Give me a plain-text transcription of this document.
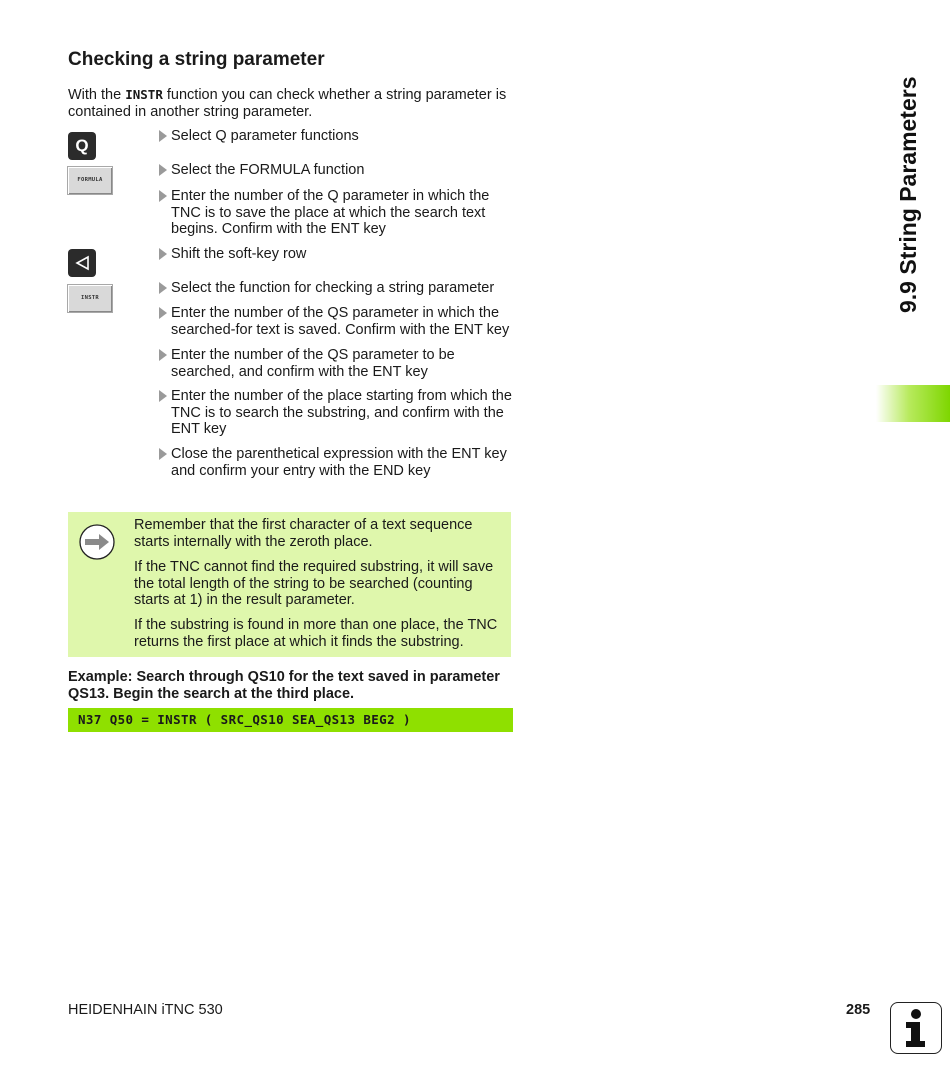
Checking a string parameter
With the INSTR function you can check whether a string parameter is contained in another string parameter.
Q
FORMULA
INSTR
Select Q parameter functions
Select the FORMULA function
Enter the number of the Q parameter in which the TNC is to save the place at which the search text begins. Confirm with the ENT key
Shift the soft-key row
Select the function for checking a string parameter
Enter the number of the QS parameter in which the searched-for text is saved. Confirm with the ENT key
Enter the number of the QS parameter to be searched, and confirm with the ENT key
Enter the number of the place starting from which the TNC is to search the substring, and confirm with the ENT key
Close the parenthetical expression with the ENT key and confirm your entry with the END key
Remember that the first character of a text sequence starts internally with the zeroth place.
If the TNC cannot find the required substring, it will save the total length of the string to be searched (counting starts at 1) in the result parameter.
If the substring is found in more than one place, the TNC returns the first place at which it finds the substring.
Example: Search through QS10 for the text saved in parameter QS13. Begin the search at the third place.
N37 Q50 = INSTR ( SRC_QS10 SEA_QS13 BEG2 )
9.9 String Parameters
HEIDENHAIN iTNC 530	285
